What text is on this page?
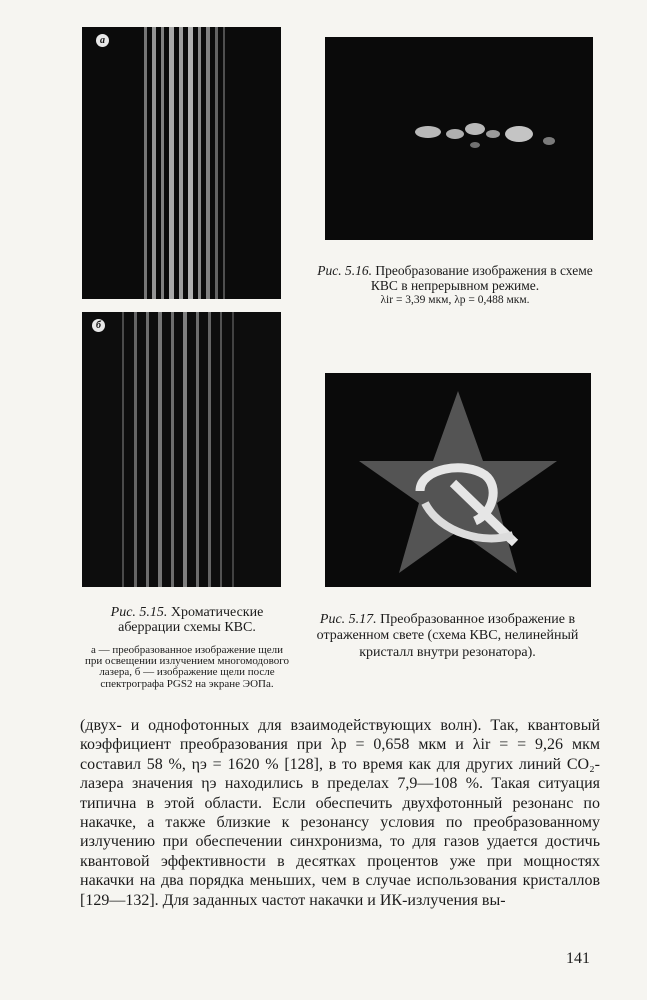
а
б
Рис. 5.15. Хроматические аберрации схемы КВС.
а — преобразованное изображение щели при освещении излучением многомодового лазера, б — изображение щели после спектрографа PGS2 на экране ЭОПа.
Рис. 5.16. Преобразование изображения в схеме КВС в непрерывном режиме.
λir = 3,39 мкм, λp = 0,488 мкм.
Рис. 5.17. Преобразованное изображение в отраженном свете (схема КВС, нелинейный кристалл внутри резонатора).
(двух- и однофотонных для взаимодействующих волн). Так, квантовый коэффициент преобразования при λp = 0,658 мкм и λir = = 9,26 мкм составил 58 %, ηэ = 1620 % [128], в то время как для других линий CO₂-лазера значения ηэ находились в пределах 7,9—108 %. Такая ситуация типична в этой области. Если обеспечить двухфотонный резонанс по накачке, а также близкие к резонансу условия по преобразованному излучению при обеспечении синхронизма, то для газов удается достичь квантовой эффективности в десятках процентов уже при мощностях накачки на два порядка меньших, чем в случае использования кристаллов [129—132]. Для заданных частот накачки и ИК-излучения вы-
141
